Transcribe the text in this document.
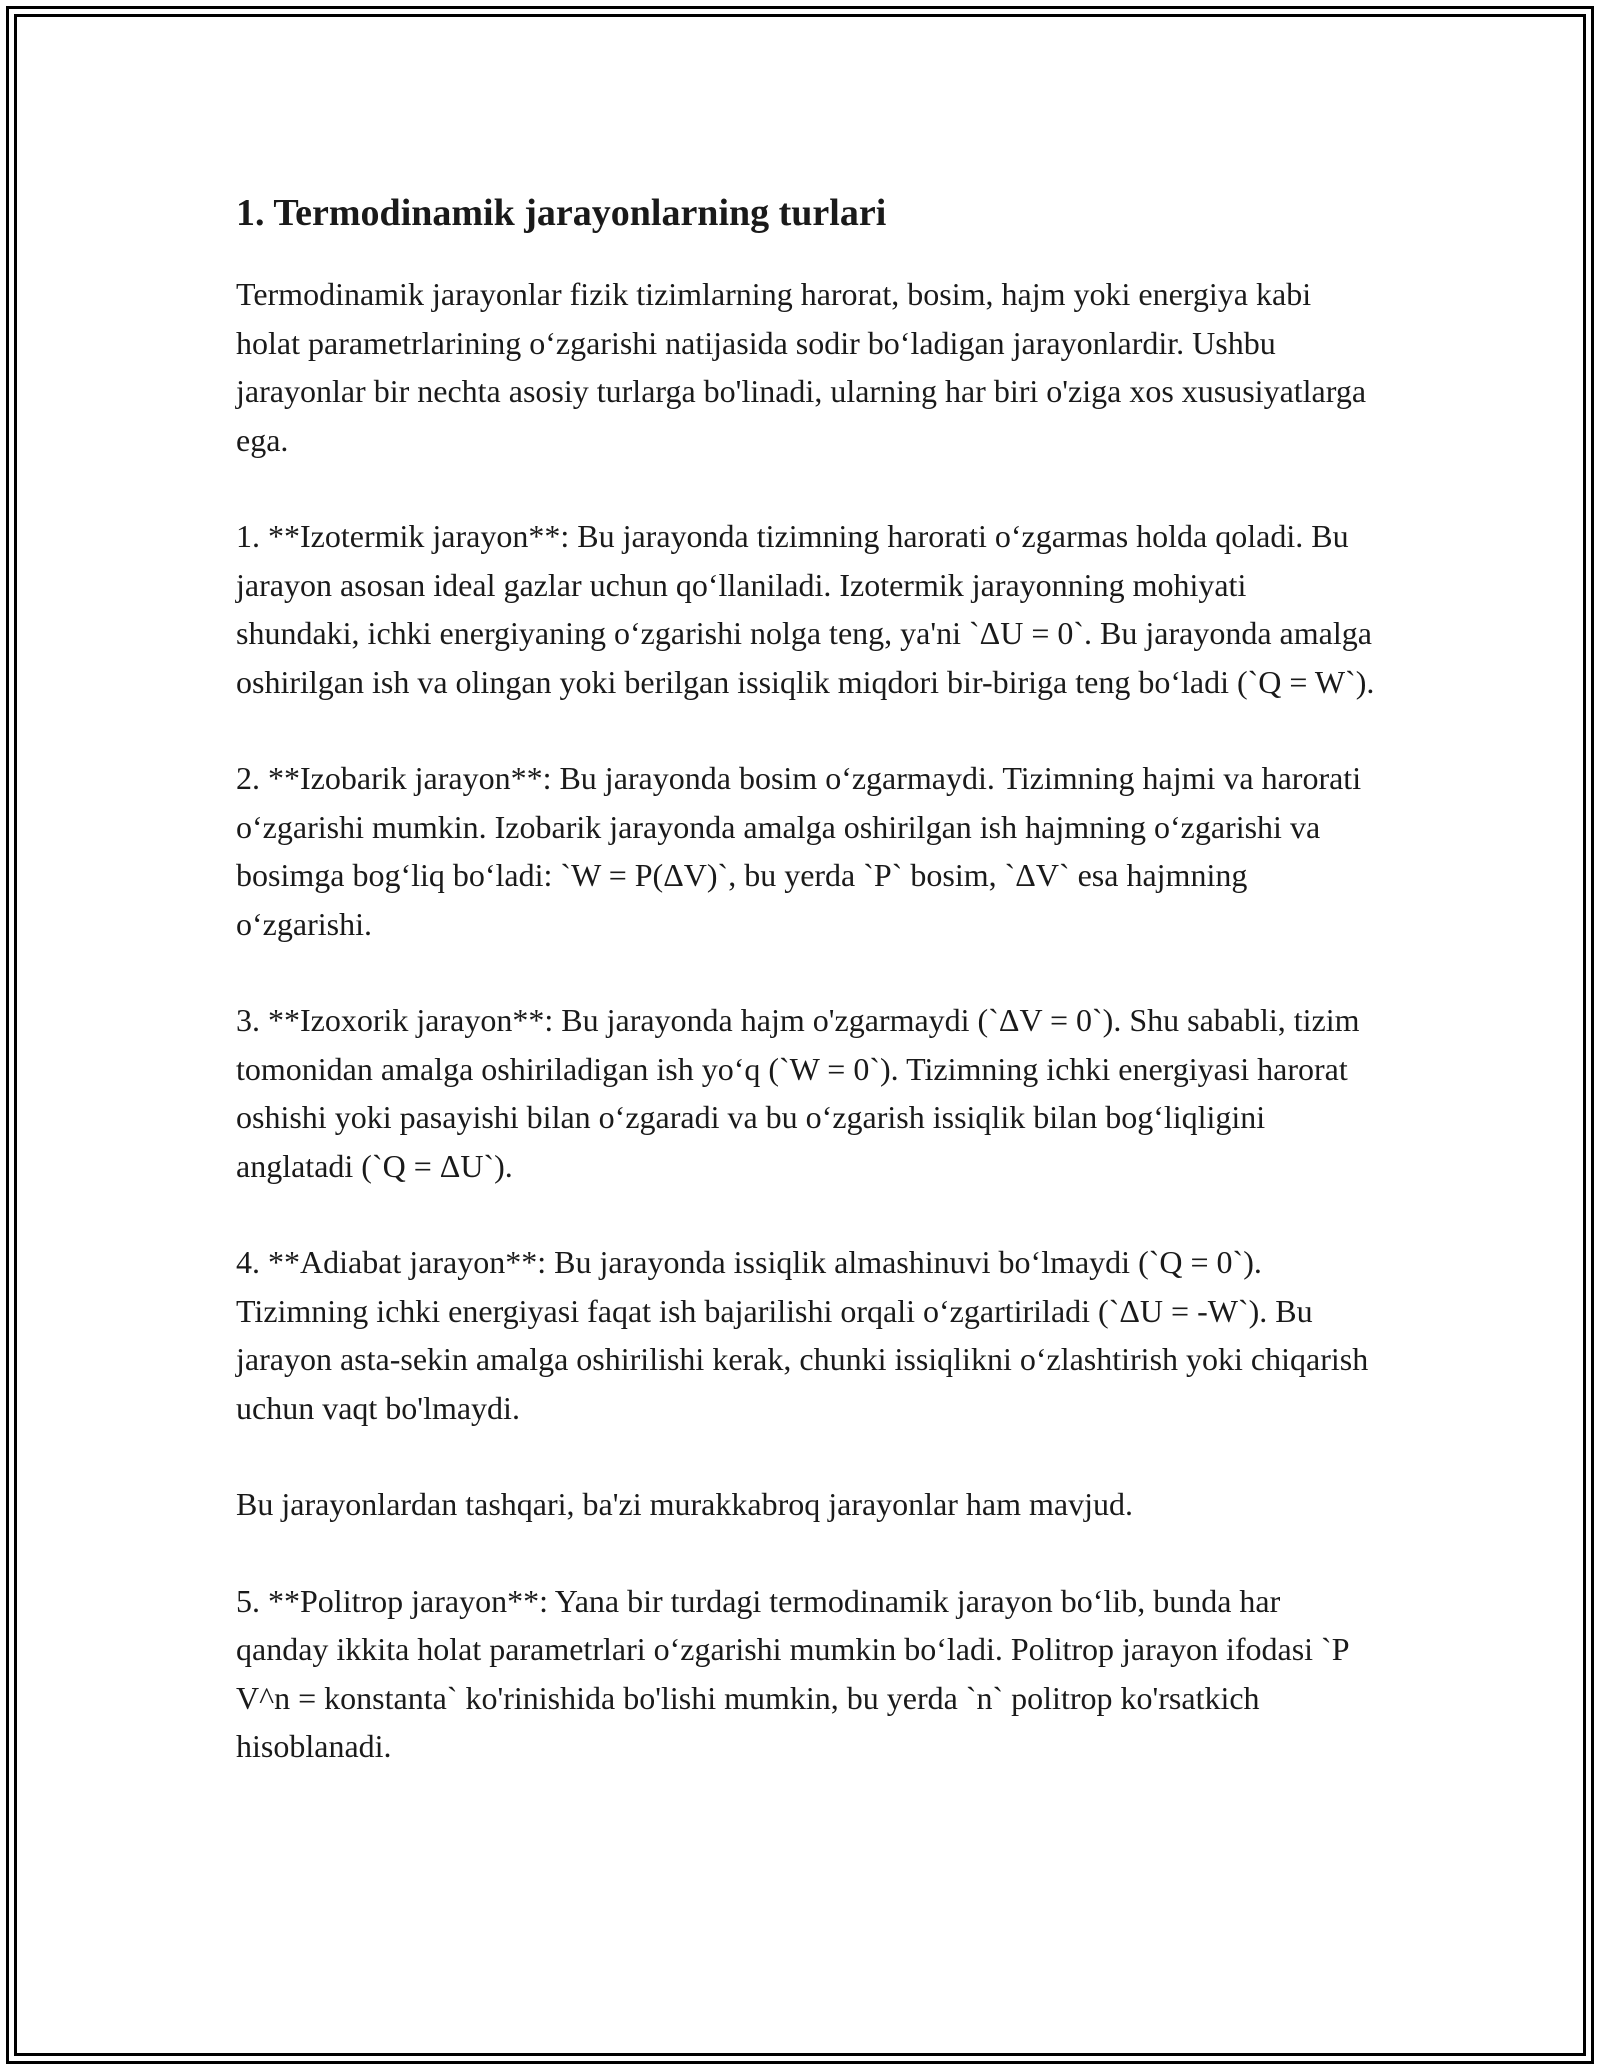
1. Termodinamik jarayonlarning turlari

Termodinamik jarayonlar fizik tizimlarning harorat, bosim, hajm yoki energiya kabi holat parametrlarining o‘zgarishi natijasida sodir bo‘ladigan jarayonlardir. Ushbu jarayonlar bir nechta asosiy turlarga bo'linadi, ularning har biri o'ziga xos xususiyatlarga ega.

1. **Izotermik jarayon**: Bu jarayonda tizimning harorati o‘zgarmas holda qoladi. Bu jarayon asosan ideal gazlar uchun qo‘llaniladi. Izotermik jarayonning mohiyati shundaki, ichki energiyaning o‘zgarishi nolga teng, ya'ni `ΔU = 0`. Bu jarayonda amalga oshirilgan ish va olingan yoki berilgan issiqlik miqdori bir-biriga teng bo‘ladi (`Q = W`).

2. **Izobarik jarayon**: Bu jarayonda bosim o‘zgarmaydi. Tizimning hajmi va harorati o‘zgarishi mumkin. Izobarik jarayonda amalga oshirilgan ish hajmning o‘zgarishi va bosimga bog‘liq bo‘ladi: `W = P(ΔV)`, bu yerda `P` bosim, `ΔV` esa hajmning o‘zgarishi.

3. **Izoxorik jarayon**: Bu jarayonda hajm o'zgarmaydi (`ΔV = 0`). Shu sababli, tizim tomonidan amalga oshiriladigan ish yo‘q (`W = 0`). Tizimning ichki energiyasi harorat oshishi yoki pasayishi bilan o‘zgaradi va bu o‘zgarish issiqlik bilan bog‘liqligini anglatadi (`Q = ΔU`).

4. **Adiabat jarayon**: Bu jarayonda issiqlik almashinuvi bo‘lmaydi (`Q = 0`). Tizimning ichki energiyasi faqat ish bajarilishi orqali o‘zgartiriladi (`ΔU = -W`). Bu jarayon asta-sekin amalga oshirilishi kerak, chunki issiqlikni o‘zlashtirish yoki chiqarish uchun vaqt bo'lmaydi.

Bu jarayonlardan tashqari, ba'zi murakkabroq jarayonlar ham mavjud.

5. **Politrop jarayon**: Yana bir turdagi termodinamik jarayon bo‘lib, bunda har qanday ikkita holat parametrlari o‘zgarishi mumkin bo‘ladi. Politrop jarayon ifodasi `P V^n = konstanta` ko'rinishida bo'lishi mumkin, bu yerda `n` politrop ko'rsatkich hisoblanadi.
